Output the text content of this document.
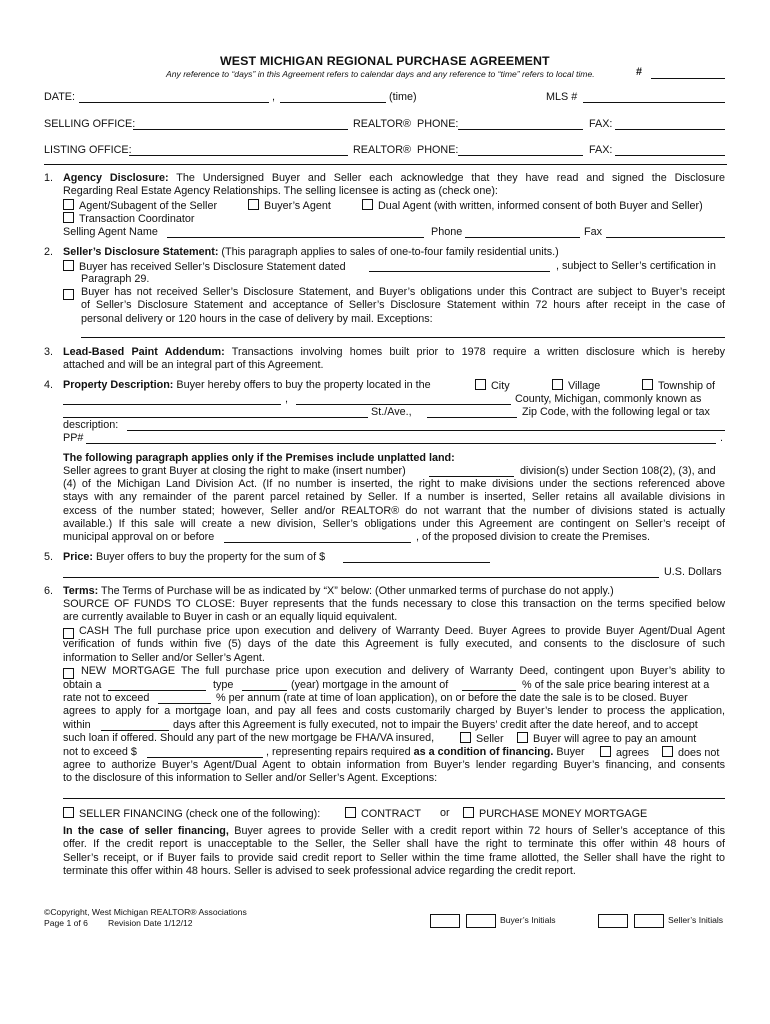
WEST MICHIGAN REGIONAL PURCHASE AGREEMENT
Any reference to “days” in this Agreement refers to calendar days and any reference to “time” refers to local time.	#
DATE:	,	(time)	MLS #
SELLING OFFICE:	REALTOR® PHONE:	FAX:
LISTING OFFICE:	REALTOR® PHONE:	FAX:
1. Agency Disclosure: The Undersigned Buyer and Seller each acknowledge that they have read and signed the Disclosure

Regarding Real Estate Agency Relationships. The selling licensee is acting as (check one):

Agent/Subagent of the Seller	Buyer’s Agent	Dual Agent (with written, informed consent of both Buyer and Seller)
Transaction Coordinator
Selling Agent Name	Phone	Fax
2. Seller’s Disclosure Statement: (This paragraph applies to sales of one-to-four family residential units.)
Buyer has received Seller’s Disclosure Statement dated	, subject to Seller’s certification in
Paragraph 29.

Buyer has not received Seller’s Disclosure Statement, and Buyer’s obligations under this Contract are subject to Buyer’s receipt

of Seller’s Disclosure Statement and acceptance of Seller’s Disclosure Statement within 72 hours after receipt in the case of

personal delivery or 120 hours in the case of delivery by mail. Exceptions:

3. Lead-Based Paint Addendum: Transactions involving homes built prior to 1978 require a written disclosure which is hereby

attached and will be an integral part of this Agreement.

4. Property Description: Buyer hereby offers to buy the property located in the	City	Village	Township of
,	County, Michigan, commonly known as
St./Ave.,	Zip Code, with the following legal or tax
description:
PP#	.
The following paragraph applies only if the Premises include unplatted land:
Seller agrees to grant Buyer at closing the right to make (insert number)	division(s) under Section 108(2), (3), and

(4) of the Michigan Land Division Act. (If no number is inserted, the right to make divisions under the sections referenced above

stays with any remainder of the parent parcel retained by Seller. If a number is inserted, Seller retains all available divisions in

excess of the number stated; however, Seller and/or REALTOR® do not warrant that the number of divisions stated is actually

available.) If this sale will create a new division, Seller’s obligations under this Agreement are contingent on Seller’s receipt of

municipal approval on or before	, of the proposed division to create the Premises.
5. Price: Buyer offers to buy the property for the sum of $
U.S. Dollars
6. Terms: The Terms of Purchase will be as indicated by “X” below: (Other unmarked terms of purchase do not apply.)

SOURCE OF FUNDS TO CLOSE: Buyer represents that the funds necessary to close this transaction on the terms specified below

are currently available to Buyer in cash or an equally liquid equivalent.

CASH The full purchase price upon execution and delivery of Warranty Deed. Buyer Agrees to provide Buyer Agent/Dual Agent

verification of funds within five (5) days of the date this Agreement is fully executed, and consents to the disclosure of such

information to Seller and/or Seller’s Agent.

NEW MORTGAGE The full purchase price upon execution and delivery of Warranty Deed, contingent upon Buyer’s ability to
obtain a	type	(year) mortgage in the amount of	% of the sale price bearing interest at a
rate not to exceed	% per annum (rate at time of loan application), on or before the date the sale is to be closed. Buyer
agrees to apply for a mortgage loan, and pay all fees and costs customarily charged by Buyer’s lender to process the application,
within	days after this Agreement is fully executed, not to impair the Buyers’ credit after the date hereof, and to accept
such loan if offered. Should any part of the new mortgage be FHA/VA insured,	Seller	Buyer will agree to pay an amount
not to exceed $	, representing repairs required as a condition of financing. Buyer	agrees	does not

agree to authorize Buyer’s Agent/Dual Agent to obtain information from Buyer’s lender regarding Buyer’s financing, and consents

to the disclosure of this information to Seller and/or Seller’s Agent. Exceptions:

SELLER FINANCING (check one of the following):	CONTRACT or	PURCHASE MONEY MORTGAGE

In the case of seller financing, Buyer agrees to provide Seller with a credit report within 72 hours of Seller’s acceptance of this

offer. If the credit report is unacceptable to the Seller, the Seller shall have the right to terminate this offer within 48 hours of

Seller’s receipt, or if Buyer fails to provide said credit report to Seller within the time frame allotted, the Seller shall have the right to

terminate this offer within 48 hours. Seller is advised to seek professional advice regarding the credit report.

©Copyright, West Michigan REALTOR® Associations
Page 1 of 6 Revision Date 1/12/12	Buyer’s Initials	Seller’s Initials
